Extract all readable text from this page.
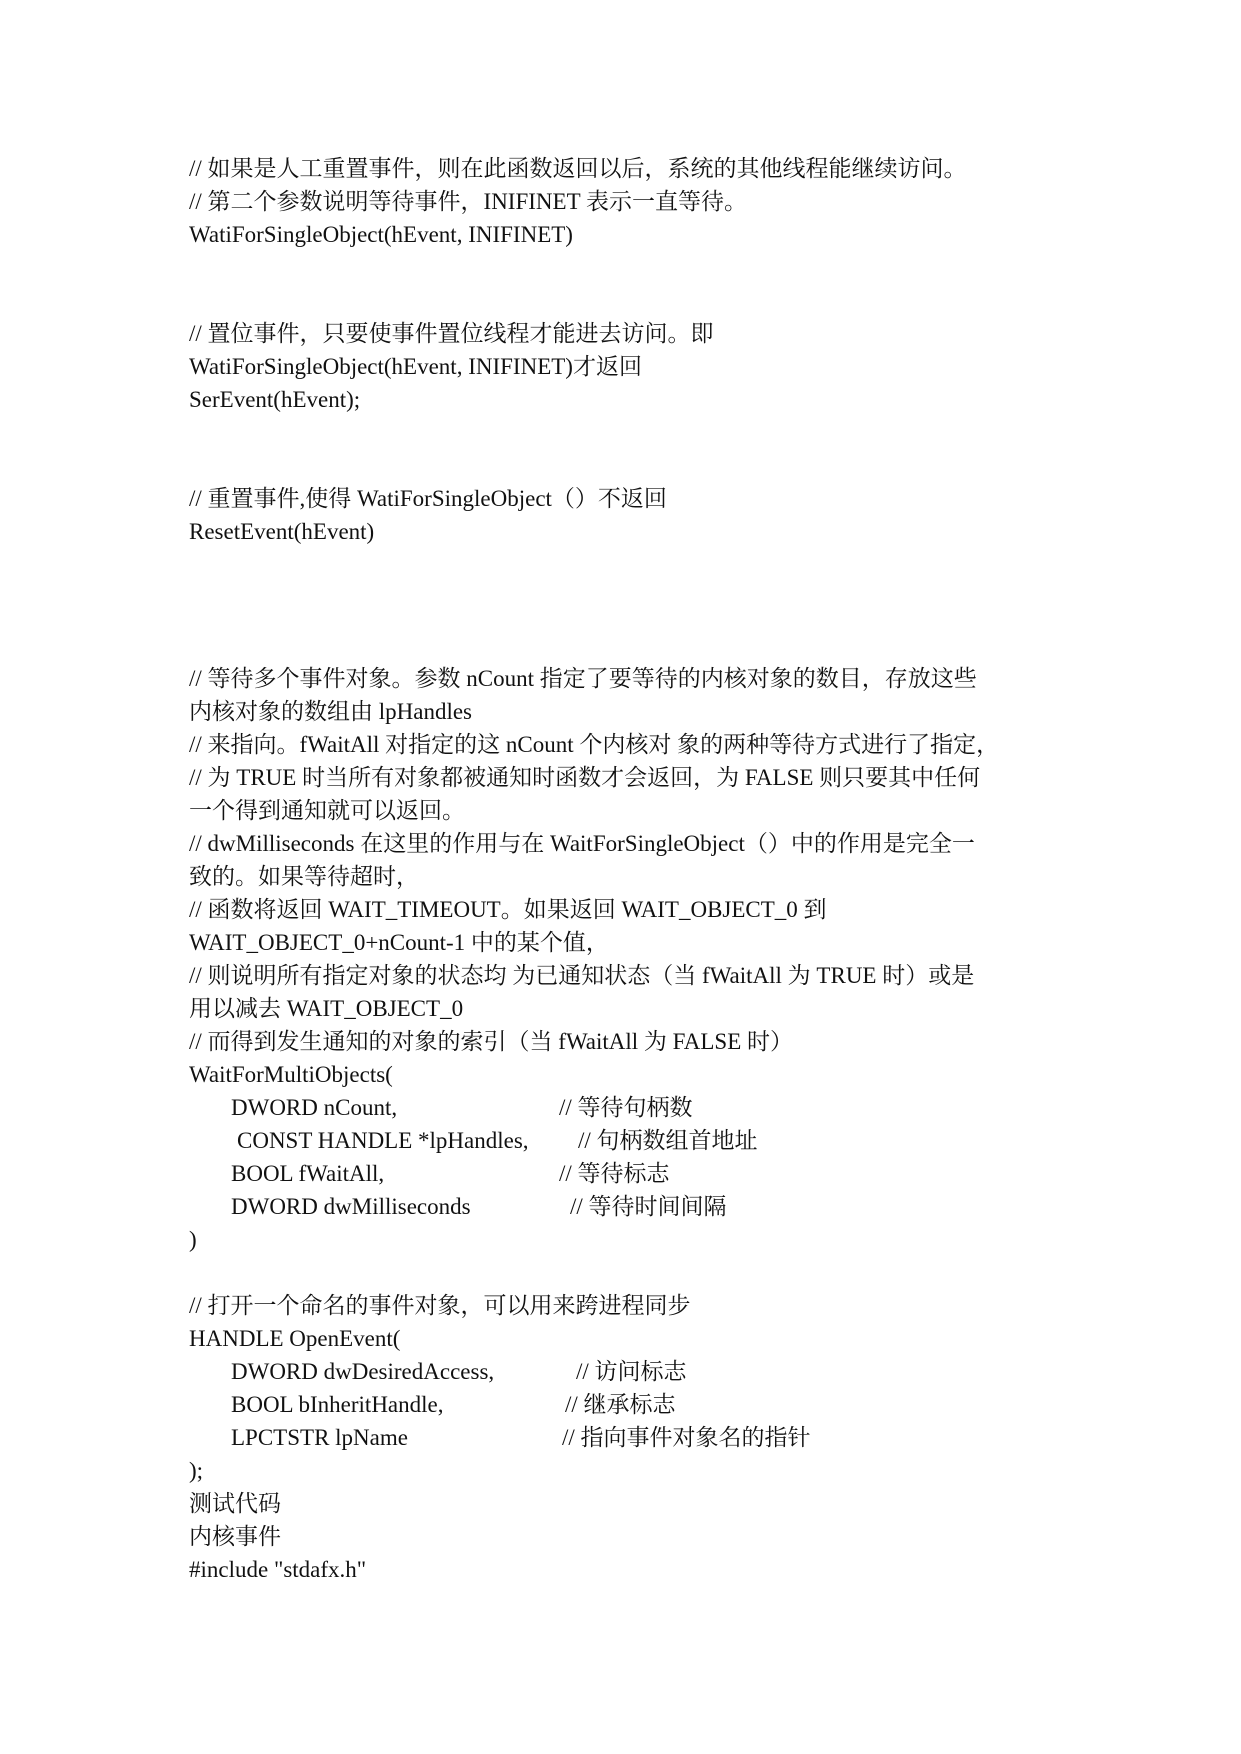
// 如果是人工重置事件，则在此函数返回以后，系统的其他线程能继续访问。
// 第二个参数说明等待事件，INIFINET 表示一直等待。
WatiForSingleObject(hEvent, INIFINET)
// 置位事件，只要使事件置位线程才能进去访问。即
WatiForSingleObject(hEvent, INIFINET)才返回
SerEvent(hEvent);
// 重置事件,使得 WatiForSingleObject（）不返回
ResetEvent(hEvent)
// 等待多个事件对象。参数 nCount 指定了要等待的内核对象的数目，存放这些
内核对象的数组由 lpHandles
// 来指向。fWaitAll 对指定的这 nCount 个内核对 象的两种等待方式进行了指定，
// 为 TRUE 时当所有对象都被通知时函数才会返回，为 FALSE 则只要其中任何
一个得到通知就可以返回。
// dwMilliseconds 在这里的作用与在 WaitForSingleObject（）中的作用是完全一
致的。如果等待超时，
// 函数将返回 WAIT_TIMEOUT。如果返回 WAIT_OBJECT_0 到
WAIT_OBJECT_0+nCount-1 中的某个值，
// 则说明所有指定对象的状态均 为已通知状态（当 fWaitAll 为 TRUE 时）或是
用以减去 WAIT_OBJECT_0
// 而得到发生通知的对象的索引（当 fWaitAll 为 FALSE 时）
WaitForMultiObjects(
DWORD nCount,	// 等待句柄数
CONST HANDLE *lpHandles, // 句柄数组首地址
BOOL fWaitAll,	// 等待标志
DWORD dwMilliseconds	// 等待时间间隔
)
// 打开一个命名的事件对象，可以用来跨进程同步
HANDLE OpenEvent(
DWORD dwDesiredAccess,	// 访问标志
BOOL bInheritHandle,	// 继承标志
LPCTSTR lpName	// 指向事件对象名的指针
);
测试代码
内核事件
#include "stdafx.h"
